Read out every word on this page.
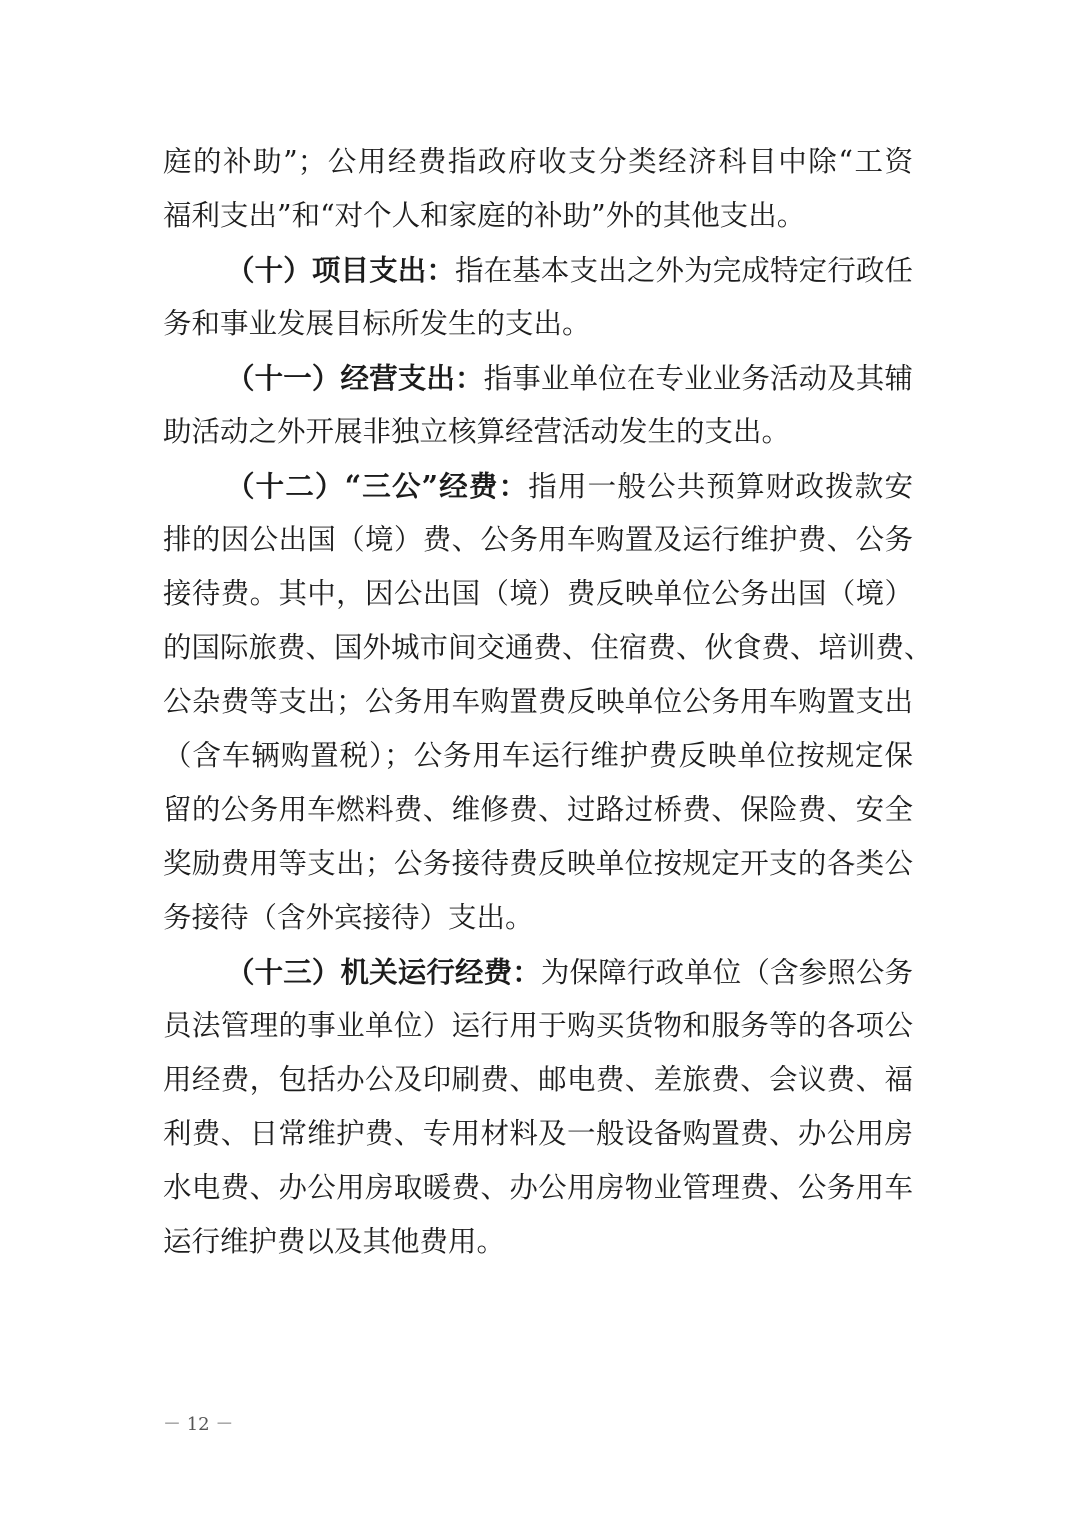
庭的补助”；公用经费指政府收支分类经济科目中除“工资
福利支出”和“对个人和家庭的补助”外的其他支出。
（十）项目支出：指在基本支出之外为完成特定行政任
务和事业发展目标所发生的支出。
（十一）经营支出：指事业单位在专业业务活动及其辅
助活动之外开展非独立核算经营活动发生的支出。
（十二）“三公”经费：指用一般公共预算财政拨款安
排的因公出国（境）费、公务用车购置及运行维护费、公务
接待费。其中，因公出国（境）费反映单位公务出国（境）
的国际旅费、国外城市间交通费、住宿费、伙食费、培训费、
公杂费等支出；公务用车购置费反映单位公务用车购置支出
（含车辆购置税）；公务用车运行维护费反映单位按规定保
留的公务用车燃料费、维修费、过路过桥费、保险费、安全
奖励费用等支出；公务接待费反映单位按规定开支的各类公
务接待（含外宾接待）支出。
（十三）机关运行经费：为保障行政单位（含参照公务
员法管理的事业单位）运行用于购买货物和服务等的各项公
用经费，包括办公及印刷费、邮电费、差旅费、会议费、福
利费、日常维护费、专用材料及一般设备购置费、办公用房
水电费、办公用房取暖费、办公用房物业管理费、公务用车
运行维护费以及其他费用。
－ 12 －
